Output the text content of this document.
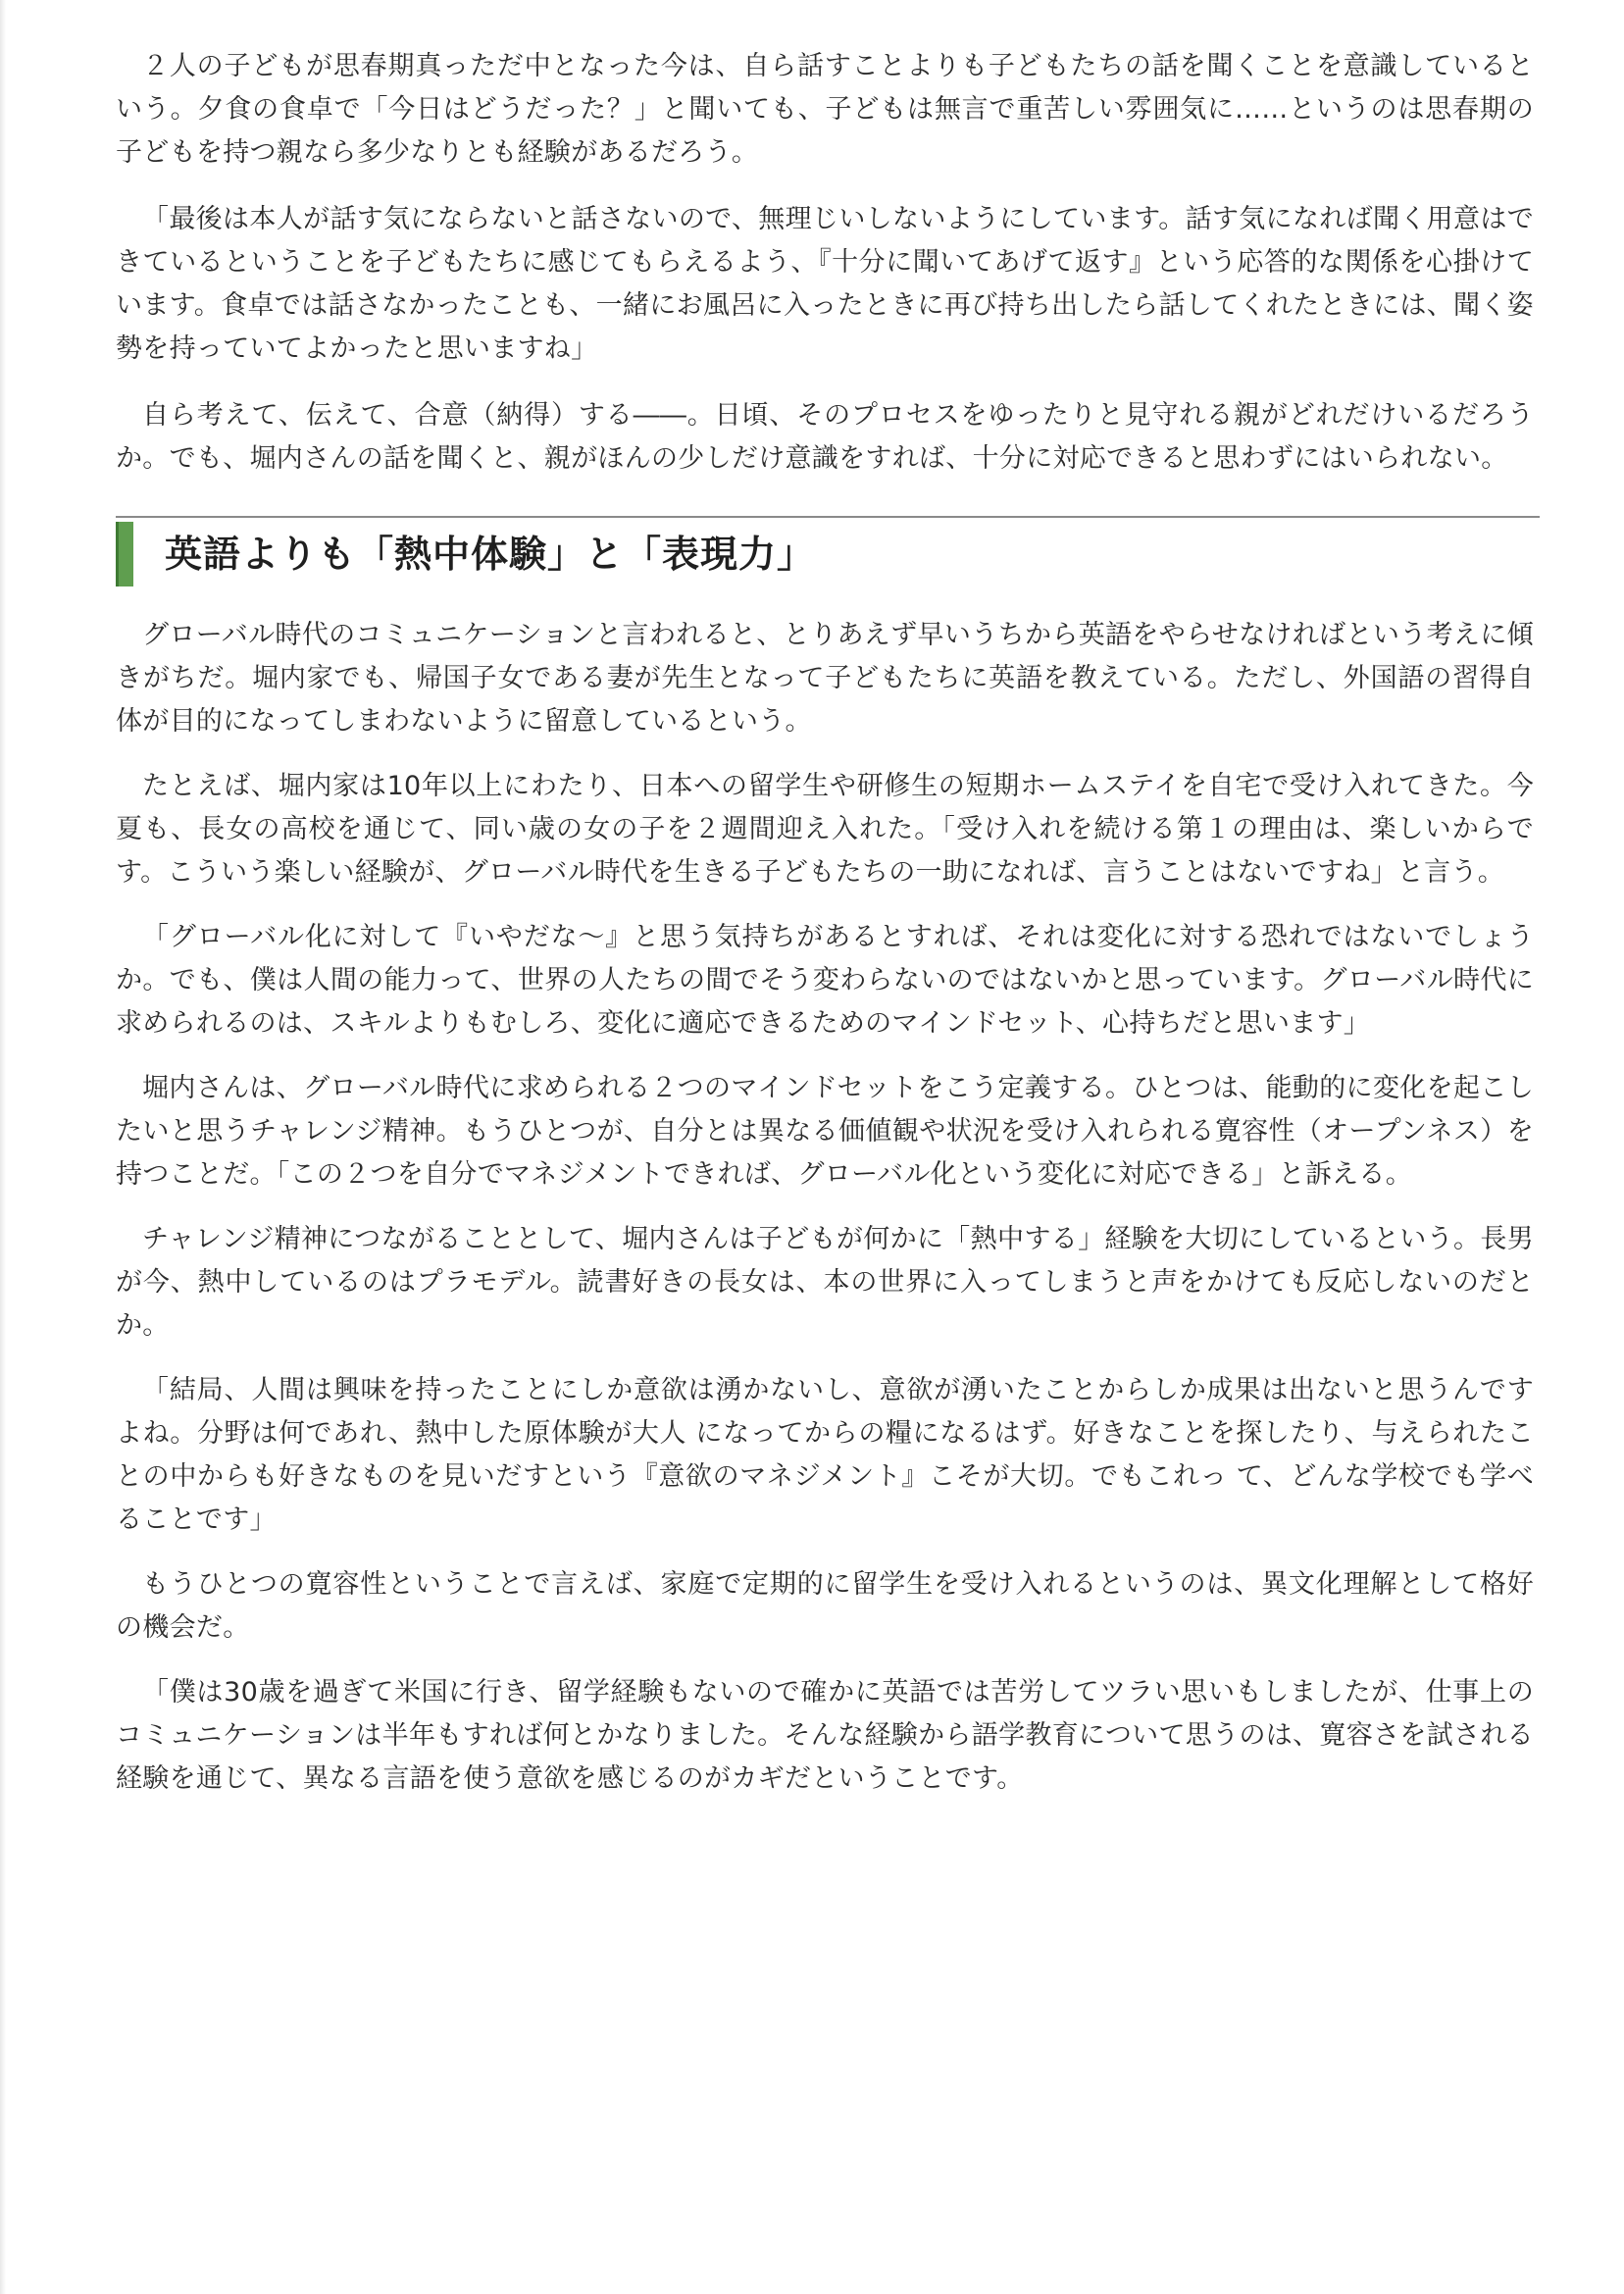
２人の子どもが思春期真っただ中となった今は、自ら話すことよりも子どもたちの話を聞くことを意識しているという。夕食の食卓で「今日はどうだった？」と聞いても、子どもは無言で重苦しい雰囲気に……というのは思春期の子どもを持つ親なら多少なりとも経験があるだろう。

「最後は本人が話す気にならないと話さないので、無理じいしないようにしています。話す気になれば聞く用意はできているということを子どもたちに感じてもらえるよう、『十分に聞いてあげて返す』という応答的な関係を心掛けています。食卓では話さなかったことも、一緒にお風呂に入ったときに再び持ち出したら話してくれたときには、聞く姿勢を持っていてよかったと思いますね」

自ら考えて、伝えて、合意（納得）する――。日頃、そのプロセスをゆったりと見守れる親がどれだけいるだろうか。でも、堀内さんの話を聞くと、親がほんの少しだけ意識をすれば、十分に対応できると思わずにはいられない。

英語よりも「熱中体験」と「表現力」

グローバル時代のコミュニケーションと言われると、とりあえず早いうちから英語をやらせなければという考えに傾きがちだ。堀内家でも、帰国子女である妻が先生となって子どもたちに英語を教えている。ただし、外国語の習得自体が目的になってしまわないように留意しているという。

たとえば、堀内家は10年以上にわたり、日本への留学生や研修生の短期ホームステイを自宅で受け入れてきた。今夏も、長女の高校を通じて、同い歳の女の子を２週間迎え入れた。「受け入れを続ける第１の理由は、楽しいからです。こういう楽しい経験が、グローバル時代を生きる子どもたちの一助になれば、言うことはないですね」と言う。

「グローバル化に対して『いやだな～』と思う気持ちがあるとすれば、それは変化に対する恐れではないでしょうか。でも、僕は人間の能力って、世界の人たちの間でそう変わらないのではないかと思っています。グローバル時代に求められるのは、スキルよりもむしろ、変化に適応できるためのマインドセット、心持ちだと思います」

堀内さんは、グローバル時代に求められる２つのマインドセットをこう定義する。ひとつは、能動的に変化を起こしたいと思うチャレンジ精神。もうひとつが、自分とは異なる価値観や状況を受け入れられる寛容性（オープンネス）を持つことだ。「この２つを自分でマネジメントできれば、グローバル化という変化に対応できる」と訴える。

チャレンジ精神につながることとして、堀内さんは子どもが何かに「熱中する」経験を大切にしているという。長男が今、熱中しているのはプラモデル。読書好きの長女は、本の世界に入ってしまうと声をかけても反応しないのだとか。

「結局、人間は興味を持ったことにしか意欲は湧かないし、意欲が湧いたことからしか成果は出ないと思うんですよね。分野は何であれ、熱中した原体験が大人 になってからの糧になるはず。好きなことを探したり、与えられたことの中からも好きなものを見いだすという『意欲のマネジメント』こそが大切。でもこれっ て、どんな学校でも学べることです」

もうひとつの寛容性ということで言えば、家庭で定期的に留学生を受け入れるというのは、異文化理解として格好の機会だ。

「僕は30歳を過ぎて米国に行き、留学経験もないので確かに英語では苦労してツラい思いもしましたが、仕事上のコミュニケーションは半年もすれば何とかなりました。そんな経験から語学教育について思うのは、寛容さを試される経験を通じて、異なる言語を使う意欲を感じるのがカギだということです。
